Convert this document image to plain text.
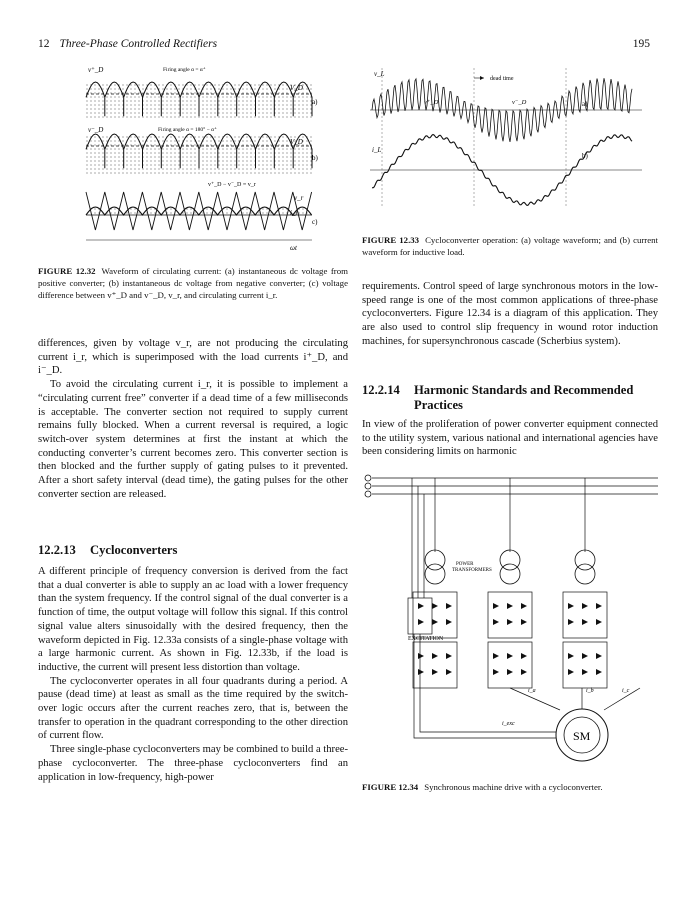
12 Three-Phase Controlled Rectifiers	195
v⁺_D	Firing angle α = α⁺
V_D
a)
v⁻_D	Firing angle α = 180° − α⁺
V_D
b)
v⁺_D − v⁻_D = v_r
v_r
i_r
c)
ωt
FIGURE 12.32 Waveform of circulating current: (a) instantaneous dc voltage from positive converter; (b) instantaneous dc voltage from negative converter; (c) voltage difference between v⁺_D and v⁻_D, v_r, and circulating current i_r.
v_L
dead time
v⁺_D	v⁻_D
i_L
a)
b)
FIGURE 12.33 Cycloconverter operation: (a) voltage waveform; and (b) current waveform for inductive load.

differences, given by voltage v_r, are not producing the circulating current i_r, which is superimposed with the load currents i⁺_D, and i⁻_D.

To avoid the circulating current i_r, it is possible to implement a “circulating current free” converter if a dead time of a few milliseconds is acceptable. The converter section not required to supply current remains fully blocked. When a current reversal is required, a logic switch-over system determines at first the instant at which the conducting converter’s current becomes zero. This converter section is then blocked and the further supply of gating pulses to it prevented. After a short safety interval (dead time), the gating pulses for the other converter section are released.

12.2.13 Cycloconverters

A different principle of frequency conversion is derived from the fact that a dual converter is able to supply an ac load with a lower frequency than the system frequency. If the control signal of the dual converter is a function of time, the output voltage will follow this signal. If this control signal value alters sinusoidally with the desired frequency, then the waveform depicted in Fig. 12.33a consists of a single-phase voltage with a large harmonic current. As shown in Fig. 12.33b, if the load is inductive, the current will present less distortion than voltage.

The cycloconverter operates in all four quadrants during a period. A pause (dead time) at least as small as the time required by the switch-over logic occurs after the current reaches zero, that is, between the transfer to operation in the quadrant corresponding to the other direction of current flow.

Three single-phase cycloconverters may be combined to build a three-phase cycloconverter. The three-phase cycloconverters find an application in low-frequency, high-power

requirements. Control speed of large synchronous motors in the low-speed range is one of the most common applications of three-phase cycloconverters. Figure 12.34 is a diagram of this application. They are also used to control slip frequency in wound rotor induction machines, for supersynchronous cascade (Scherbius system).

12.2.14 Harmonic Standards and Recommended
Practices

In view of the proliferation of power converter equipment connected to the utility system, various national and international agencies have been considering limits on harmonic

EXCITATION
POWER
TRANSFORMERS
SM
i_exc
i_a	i_b	i_c
FIGURE 12.34 Synchronous machine drive with a cycloconverter.
